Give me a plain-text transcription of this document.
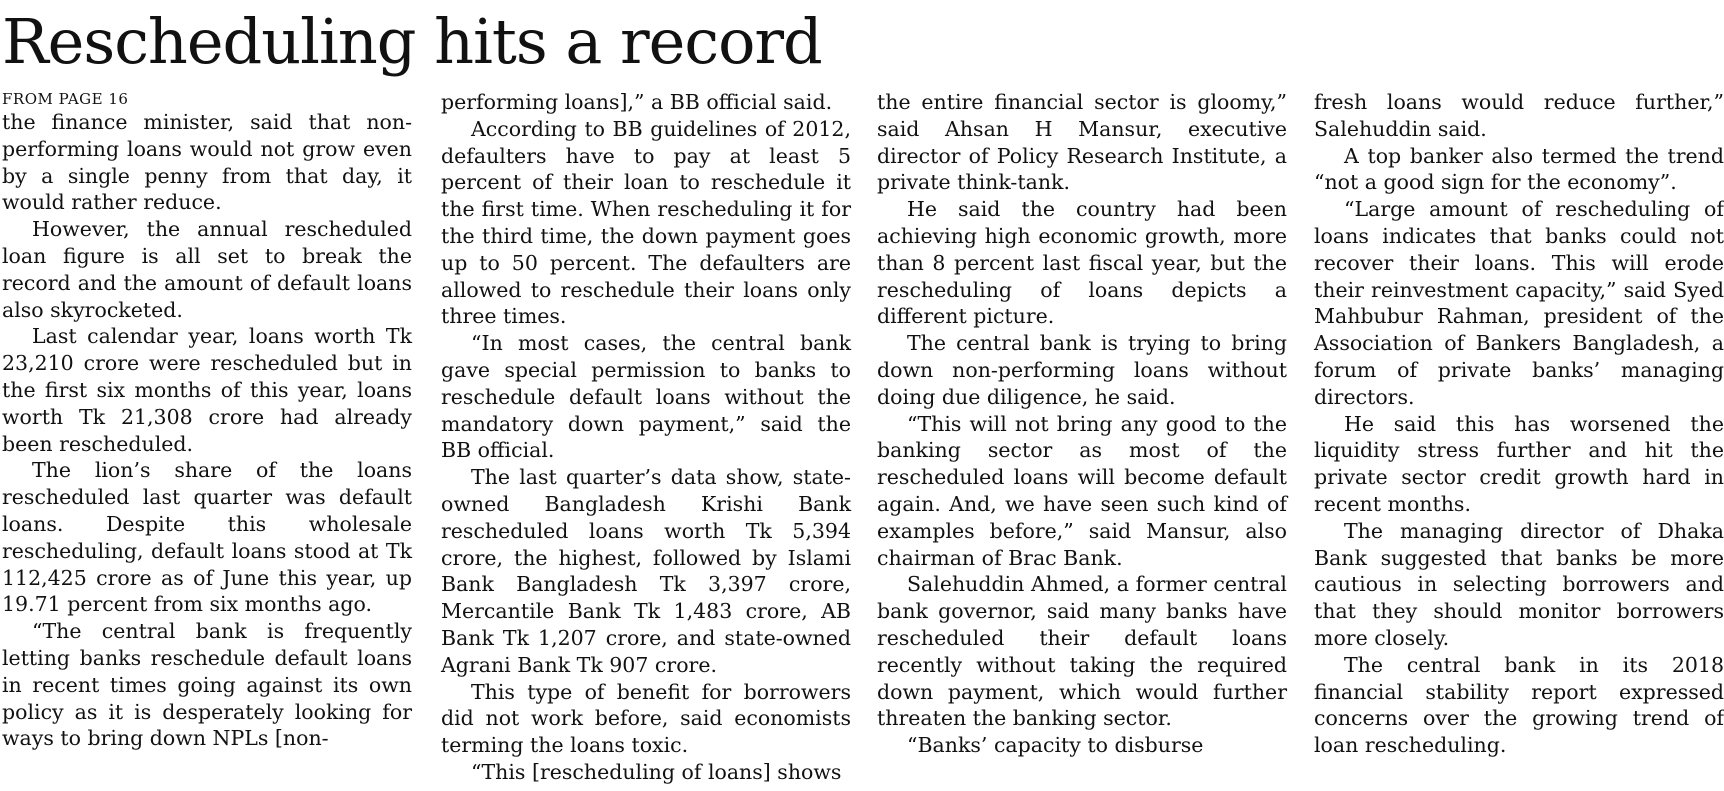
Rescheduling hits a record
FROM PAGE 16

the finance minister, said that non-performing loans would not grow even by a single penny from that day, it would rather reduce.

However, the annual rescheduled loan figure is all set to break the record and the amount of default loans also skyrocketed.

Last calendar year, loans worth Tk 23,210 crore were rescheduled but in the first six months of this year, loans worth Tk 21,308 crore had already been rescheduled.

The lion’s share of the loans rescheduled last quarter was default loans. Despite this wholesale rescheduling, default loans stood at Tk 112,425 crore as of June this year, up 19.71 percent from six months ago.

“The central bank is frequently letting banks reschedule default loans in recent times going against its own policy as it is desperately looking for ways to bring down NPLs [non-

performing loans],” a BB official said.

According to BB guidelines of 2012, defaulters have to pay at least 5 percent of their loan to reschedule it the first time. When rescheduling it for the third time, the down payment goes up to 50 percent. The defaulters are allowed to reschedule their loans only three times.

“In most cases, the central bank gave special permission to banks to reschedule default loans without the mandatory down payment,” said the BB official.

The last quarter’s data show, state-owned Bangladesh Krishi Bank rescheduled loans worth Tk 5,394 crore, the highest, followed by Islami Bank Bangladesh Tk 3,397 crore, Mercantile Bank Tk 1,483 crore, AB Bank Tk 1,207 crore, and state-owned Agrani Bank Tk 907 crore.

This type of benefit for borrowers did not work before, said economists terming the loans toxic.

“This [rescheduling of loans] shows

the entire financial sector is gloomy,” said Ahsan H Mansur, executive director of Policy Research Institute, a private think-tank.

He said the country had been achieving high economic growth, more than 8 percent last fiscal year, but the rescheduling of loans depicts a different picture.

The central bank is trying to bring down non-performing loans without doing due diligence, he said.

“This will not bring any good to the banking sector as most of the rescheduled loans will become default again. And, we have seen such kind of examples before,” said Mansur, also chairman of Brac Bank.

Salehuddin Ahmed, a former central bank governor, said many banks have rescheduled their default loans recently without taking the required down payment, which would further threaten the banking sector.

“Banks’ capacity to disburse

fresh loans would reduce further,” Salehuddin said.

A top banker also termed the trend “not a good sign for the economy”.

“Large amount of rescheduling of loans indicates that banks could not recover their loans. This will erode their reinvestment capacity,” said Syed Mahbubur Rahman, president of the Association of Bankers Bangladesh, a forum of private banks’ managing directors.

He said this has worsened the liquidity stress further and hit the private sector credit growth hard in recent months.

The managing director of Dhaka Bank suggested that banks be more cautious in selecting borrowers and that they should monitor borrowers more closely.

The central bank in its 2018 financial stability report expressed concerns over the growing trend of loan rescheduling.
